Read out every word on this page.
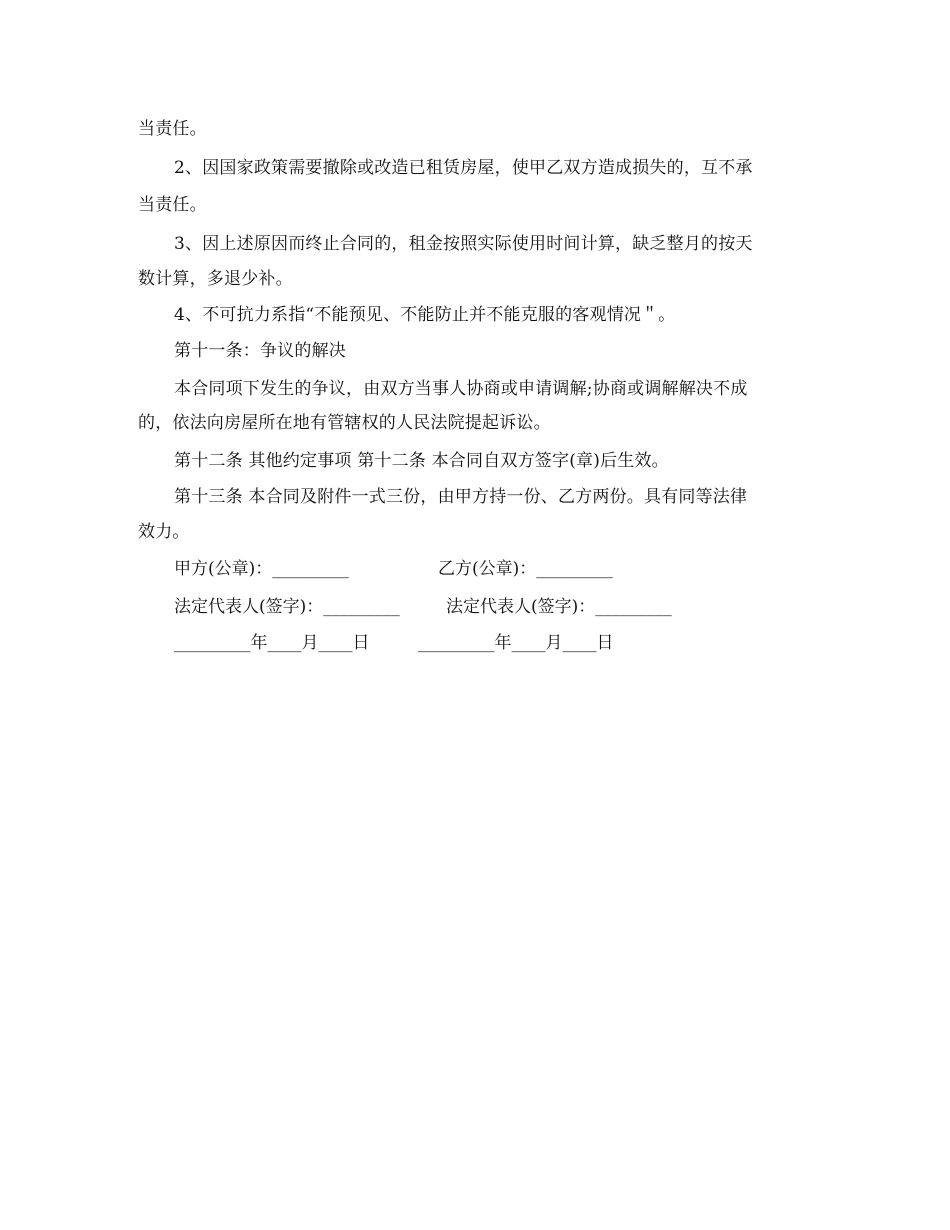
当责任。
2、因国家政策需要撤除或改造已租赁房屋，使甲乙双方造成损失的，互不承
当责任。
3、因上述原因而终止合同的，租金按照实际使用时间计算，缺乏整月的按天
数计算，多退少补。
4、不可抗力系指“不能预见、不能防止并不能克服的客观情况＂。
第十一条：争议的解决
本合同项下发生的争议，由双方当事人协商或申请调解;协商或调解解决不成
的，依法向房屋所在地有管辖权的人民法院提起诉讼。
第十二条 其他约定事项 第十二条 本合同自双方签字(章)后生效。
第十三条 本合同及附件一式三份，由甲方持一份、乙方两份。具有同等法律
效力。
甲方(公章)：_________	乙方(公章)：_________
法定代表人(签字)：_________	法定代表人(签字)：_________
_________年____月____日	_________年____月____日
